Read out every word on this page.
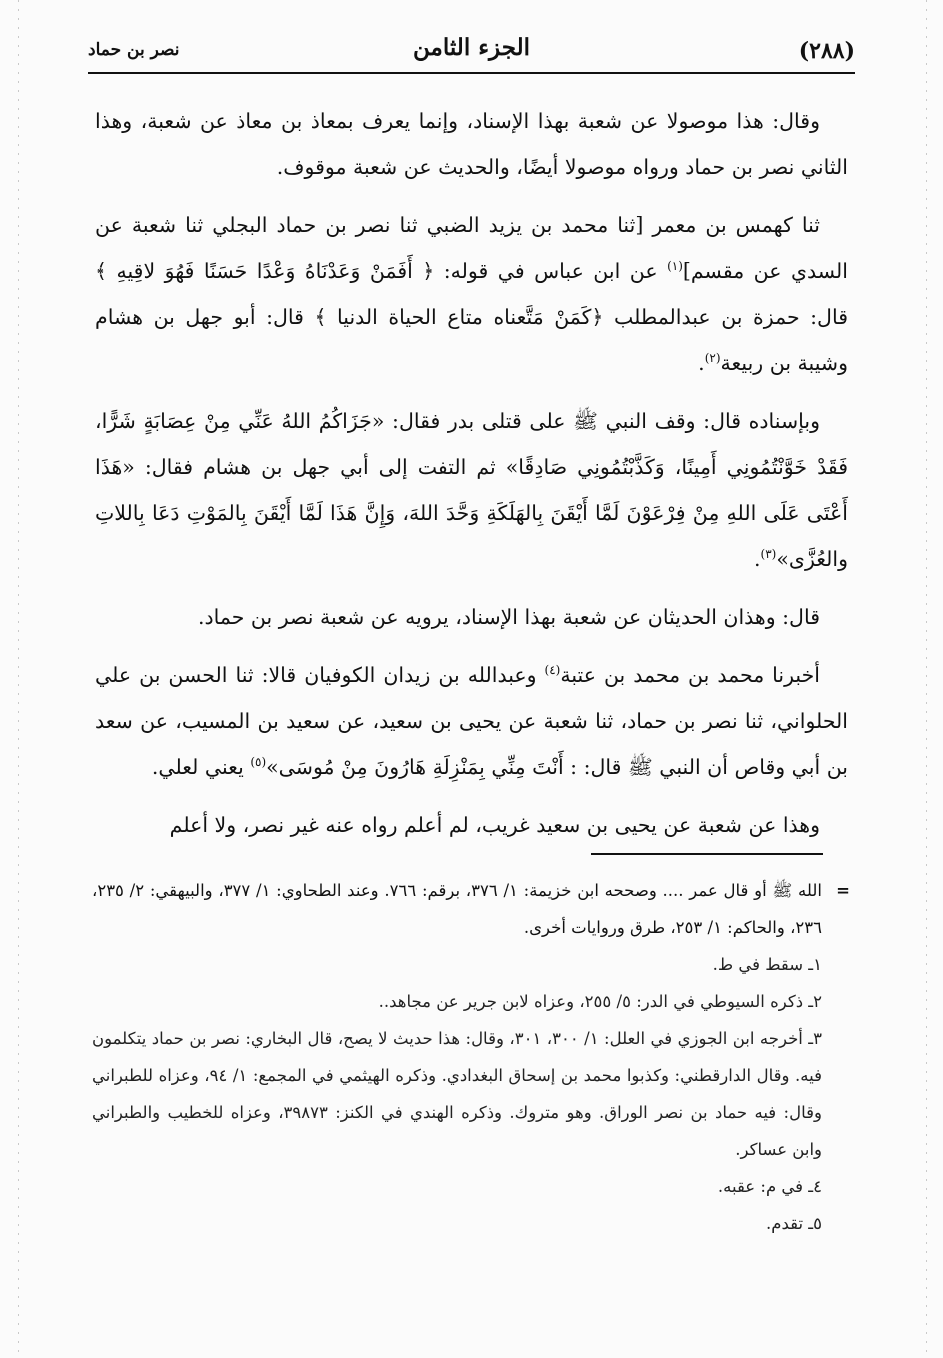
(٢٨٨)
الجزء الثامن
نصر بن حماد

وقال: هذا موصولا عن شعبة بهذا الإسناد، وإنما يعرف بمعاذ بن معاذ عن شعبة، وهذا الثاني نصر بن حماد ورواه موصولا أيضًا، والحديث عن شعبة موقوف.

ثنا كهمس بن معمر [ثنا محمد بن يزيد الضبي ثنا نصر بن حماد البجلي ثنا شعبة عن السدي عن مقسم]$^{(١)}$ عن ابن عباس في قوله: ﴿ أَفَمَنْ وَعَدْنَاهُ وَعْدًا حَسَنًا فَهُوَ لاقِيهِ ﴾ قال: حمزة بن عبدالمطلب ﴿كَمَنْ مَتَّعناه متاع الحياة الدنيا ﴾ قال: أبو جهل بن هشام وشيبة بن ربيعة$^{(٢)}$.

وبإسناده قال: وقف النبي ﷺ على قتلى بدر فقال: «جَزَاكُمُ اللهُ عَنِّي مِنْ عِصَابَةٍ شَرًّا، فَقَدْ خَوَّنْتُمُونِي أَمِينًا، وَكَذَّبْتُمُونِي صَادِقًا» ثم التفت إلى أبي جهل بن هشام فقال: «هَذَا أَعْتَى عَلَى اللهِ مِنْ فِرْعَوْنَ لَمَّا أَيْقَنَ بِالهَلَكَةِ وَحَّدَ اللهَ، وَإِنَّ هَذَا لَمَّا أَيْقَنَ بِالمَوْتِ دَعَا بِاللاتِ والعُزَّى»$^{(٣)}$.

قال: وهذان الحديثان عن شعبة بهذا الإسناد، يرويه عن شعبة نصر بن حماد.

أخبرنا محمد بن محمد بن عتبة$^{(٤)}$ وعبدالله بن زيدان الكوفيان قالا: ثنا الحسن بن علي الحلواني، ثنا نصر بن حماد، ثنا شعبة عن يحيى بن سعيد، عن سعيد بن المسيب، عن سعد بن أبي وقاص أن النبي ﷺ قال: : أَنْتَ مِنِّي بِمَنْزِلَةِ هَارُونَ مِنْ مُوسَى»$^{(٥)}$ يعني لعلي.

وهذا عن شعبة عن يحيى بن سعيد غريب، لم أعلم رواه عنه غير نصر، ولا أعلم

=
الله ﷺ أو قال عمر .... وصححه ابن خزيمة: ١/ ٣٧٦، برقم: ٧٦٦. وعند الطحاوي: ١/ ٣٧٧، والبيهقي: ٢/ ٢٣٥، ٢٣٦، والحاكم: ١/ ٢٥٣، طرق وروايات أخرى.

١ـ سقط في ط.

٢ـ ذكره السيوطي في الدر: ٥/ ٢٥٥، وعزاه لابن جرير عن مجاهد..

٣ـ أخرجه ابن الجوزي في العلل: ١/ ٣٠٠، ٣٠١، وقال: هذا حديث لا يصح، قال البخاري: نصر بن حماد يتكلمون فيه. وقال الدارقطني: وكذبوا محمد بن إسحاق البغدادي. وذكره الهيثمي في المجمع: ١/ ٩٤، وعزاه للطبراني وقال: فيه حماد بن نصر الوراق. وهو متروك. وذكره الهندي في الكنز: ٣٩٨٧٣، وعزاه للخطيب والطبراني وابن عساكر.

٤ـ في م: عقبه.

٥ـ تقدم.
